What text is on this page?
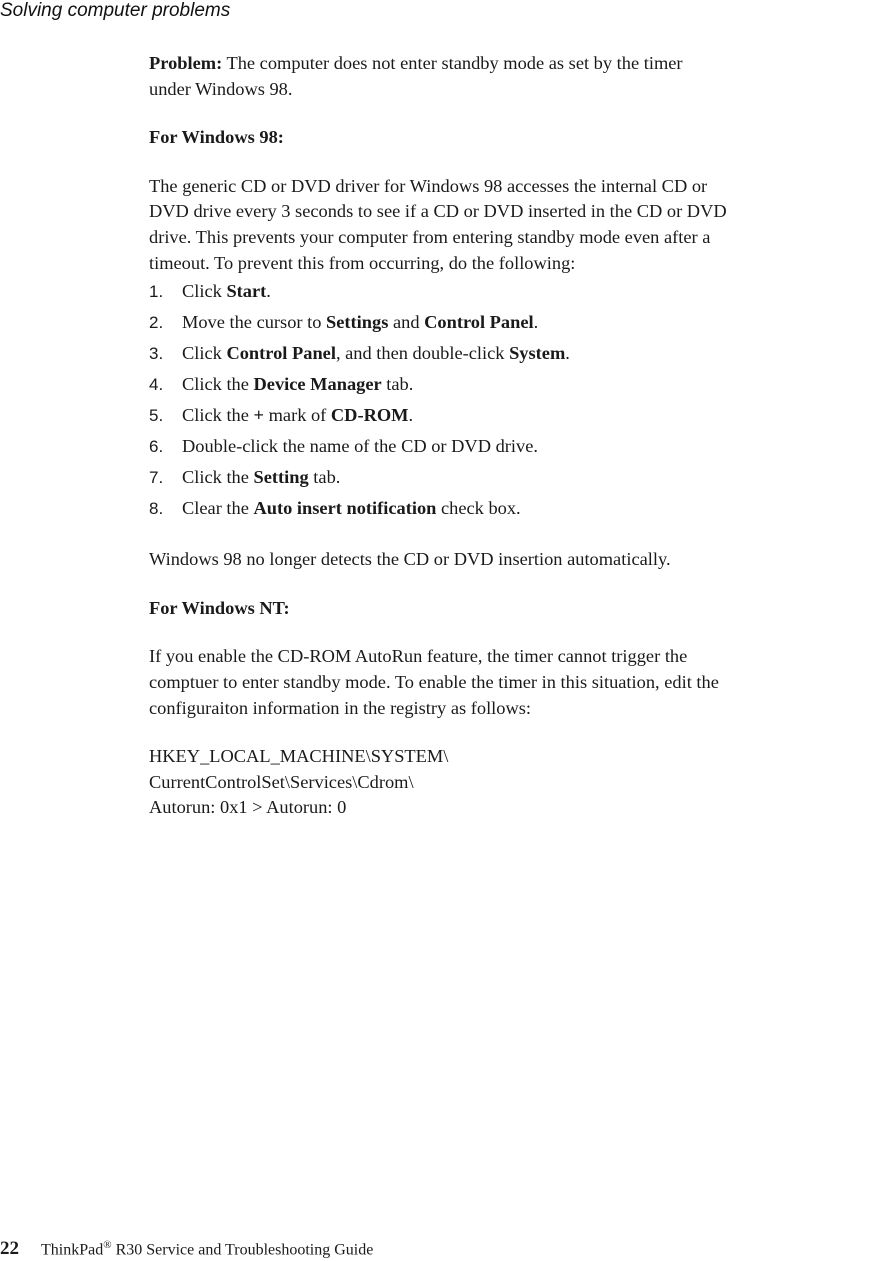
Solving computer problems

Problem: The computer does not enter standby mode as set by the timer
under Windows 98.

For Windows 98:

The generic CD or DVD driver for Windows 98 accesses the internal CD or
DVD drive every 3 seconds to see if a CD or DVD inserted in the CD or DVD
drive. This prevents your computer from entering standby mode even after a
timeout. To prevent this from occurring, do the following:

1. Click Start.
2. Move the cursor to Settings and Control Panel.
3. Click Control Panel, and then double-click System.
4. Click the Device Manager tab.
5. Click the + mark of CD-ROM.
6. Double-click the name of the CD or DVD drive.
7. Click the Setting tab.
8. Clear the Auto insert notification check box.

Windows 98 no longer detects the CD or DVD insertion automatically.

For Windows NT:

If you enable the CD-ROM AutoRun feature, the timer cannot trigger the
comptuer to enter standby mode. To enable the timer in this situation, edit the
configuraiton information in the registry as follows:

HKEY_LOCAL_MACHINE\SYSTEM\
CurrentControlSet\Services\Cdrom\
Autorun: 0x1 > Autorun: 0

22 ThinkPad® R30 Service and Troubleshooting Guide
